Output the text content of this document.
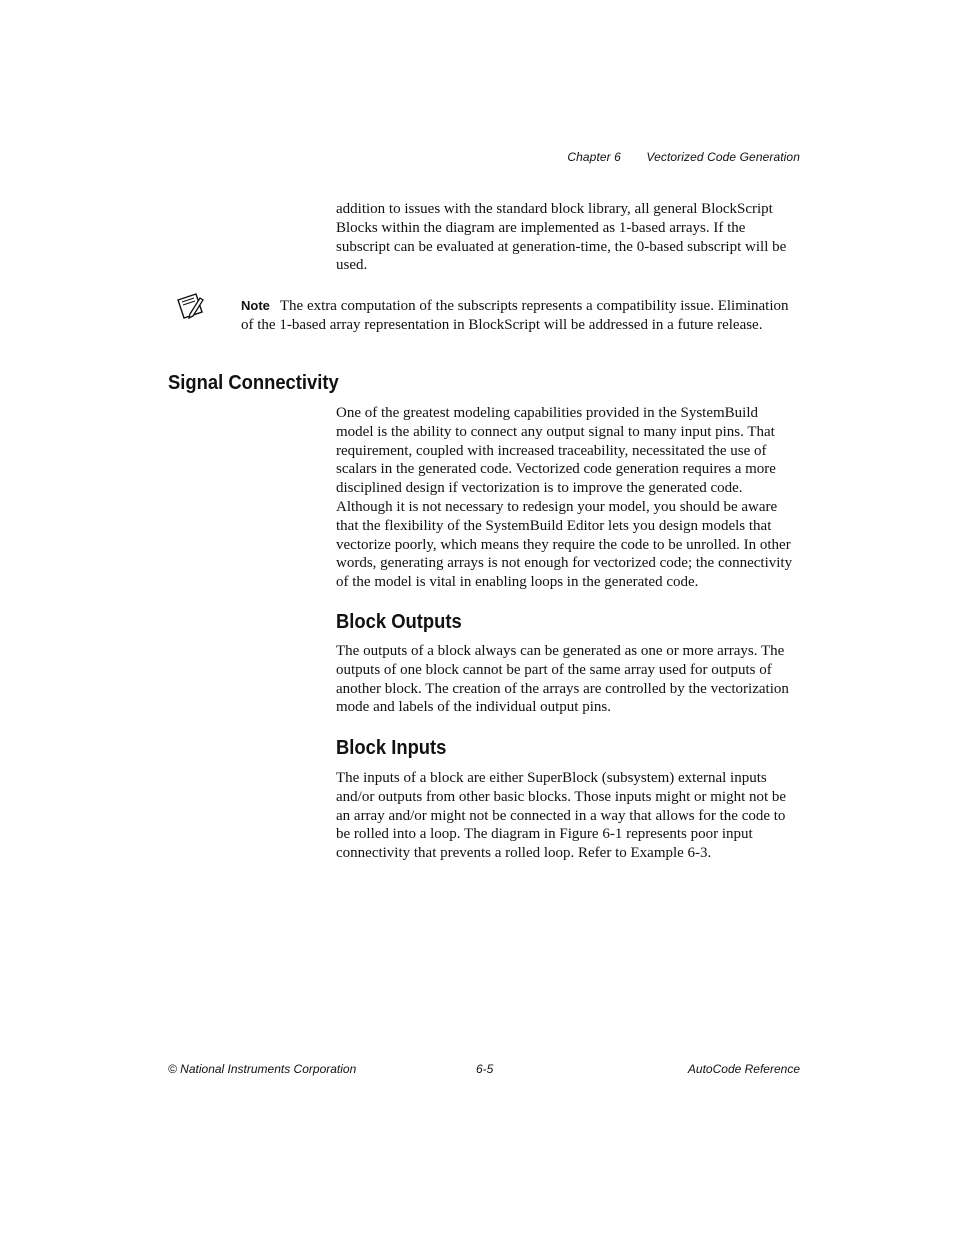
Chapter 6 Vectorized Code Generation

addition to issues with the standard block library, all general BlockScript Blocks within the diagram are implemented as 1-based arrays. If the subscript can be evaluated at generation-time, the 0-based subscript will be used.

Note The extra computation of the subscripts represents a compatibility issue. Elimination of the 1-based array representation in BlockScript will be addressed in a future release.

Signal Connectivity

One of the greatest modeling capabilities provided in the SystemBuild model is the ability to connect any output signal to many input pins. That requirement, coupled with increased traceability, necessitated the use of scalars in the generated code. Vectorized code generation requires a more disciplined design if vectorization is to improve the generated code. Although it is not necessary to redesign your model, you should be aware that the flexibility of the SystemBuild Editor lets you design models that vectorize poorly, which means they require the code to be unrolled. In other words, generating arrays is not enough for vectorized code; the connectivity of the model is vital in enabling loops in the generated code.

Block Outputs

The outputs of a block always can be generated as one or more arrays. The outputs of one block cannot be part of the same array used for outputs of another block. The creation of the arrays are controlled by the vectorization mode and labels of the individual output pins.

Block Inputs

The inputs of a block are either SuperBlock (subsystem) external inputs and/or outputs from other basic blocks. Those inputs might or might not be an array and/or might not be connected in a way that allows for the code to be rolled into a loop. The diagram in Figure 6-1 represents poor input connectivity that prevents a rolled loop. Refer to Example 6-3.

© National Instruments Corporation	6-5	AutoCode Reference
